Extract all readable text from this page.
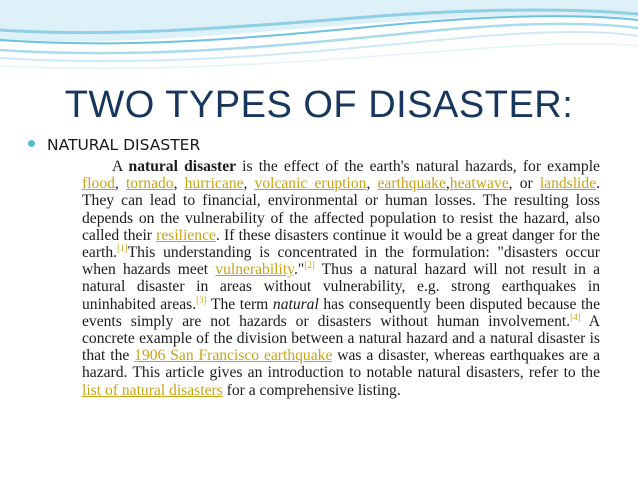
TWO TYPES OF DISASTER:
NATURAL DISASTER
A natural disaster is the effect of the earth's natural hazards, for example flood, tornado, hurricane, volcanic eruption, earthquake,heatwave, or landslide. They can lead to financial, environmental or human losses. The resulting loss depends on the vulnerability of the affected population to resist the hazard, also called their resilience. If these disasters continue it would be a great danger for the earth.[1]This understanding is concentrated in the formulation: "disasters occur when hazards meet vulnerability."[2] Thus a natural hazard will not result in a natural disaster in areas without vulnerability, e.g. strong earthquakes in uninhabited areas.[3] The term natural has consequently been disputed because the events simply are not hazards or disasters without human involvement.[4] A concrete example of the division between a natural hazard and a natural disaster is that the 1906 San Francisco earthquake was a disaster, whereas earthquakes are a hazard. This article gives an introduction to notable natural disasters, refer to the list of natural disasters for a comprehensive listing.
